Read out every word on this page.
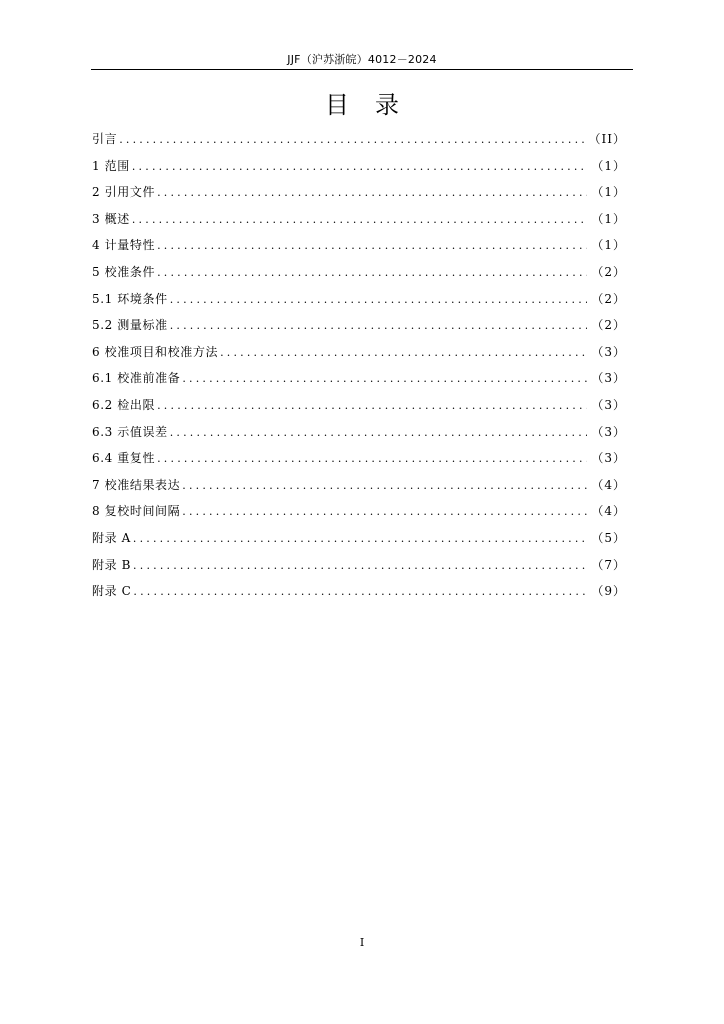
JJF（沪苏浙皖）4012－2024
目录
引言 .....	（II）
1 范围 .....	（1）
2 引用文件 .....	（1）
3 概述 .....	（1）
4 计量特性 .....	（1）
5 校准条件 .....	（2）
5.1 环境条件 .....	（2）
5.2 测量标准 .....	（2）
6 校准项目和校准方法 .....	（3）
6.1 校准前准备 .....	（3）
6.2 检出限 .....	（3）
6.3 示值误差 .....	（3）
6.4 重复性 .....	（3）
7 校准结果表达 .....	（4）
8 复校时间间隔 .....	（4）
附录 A .....	（5）
附录 B .....	（7）
附录 C .....	（9）
I
